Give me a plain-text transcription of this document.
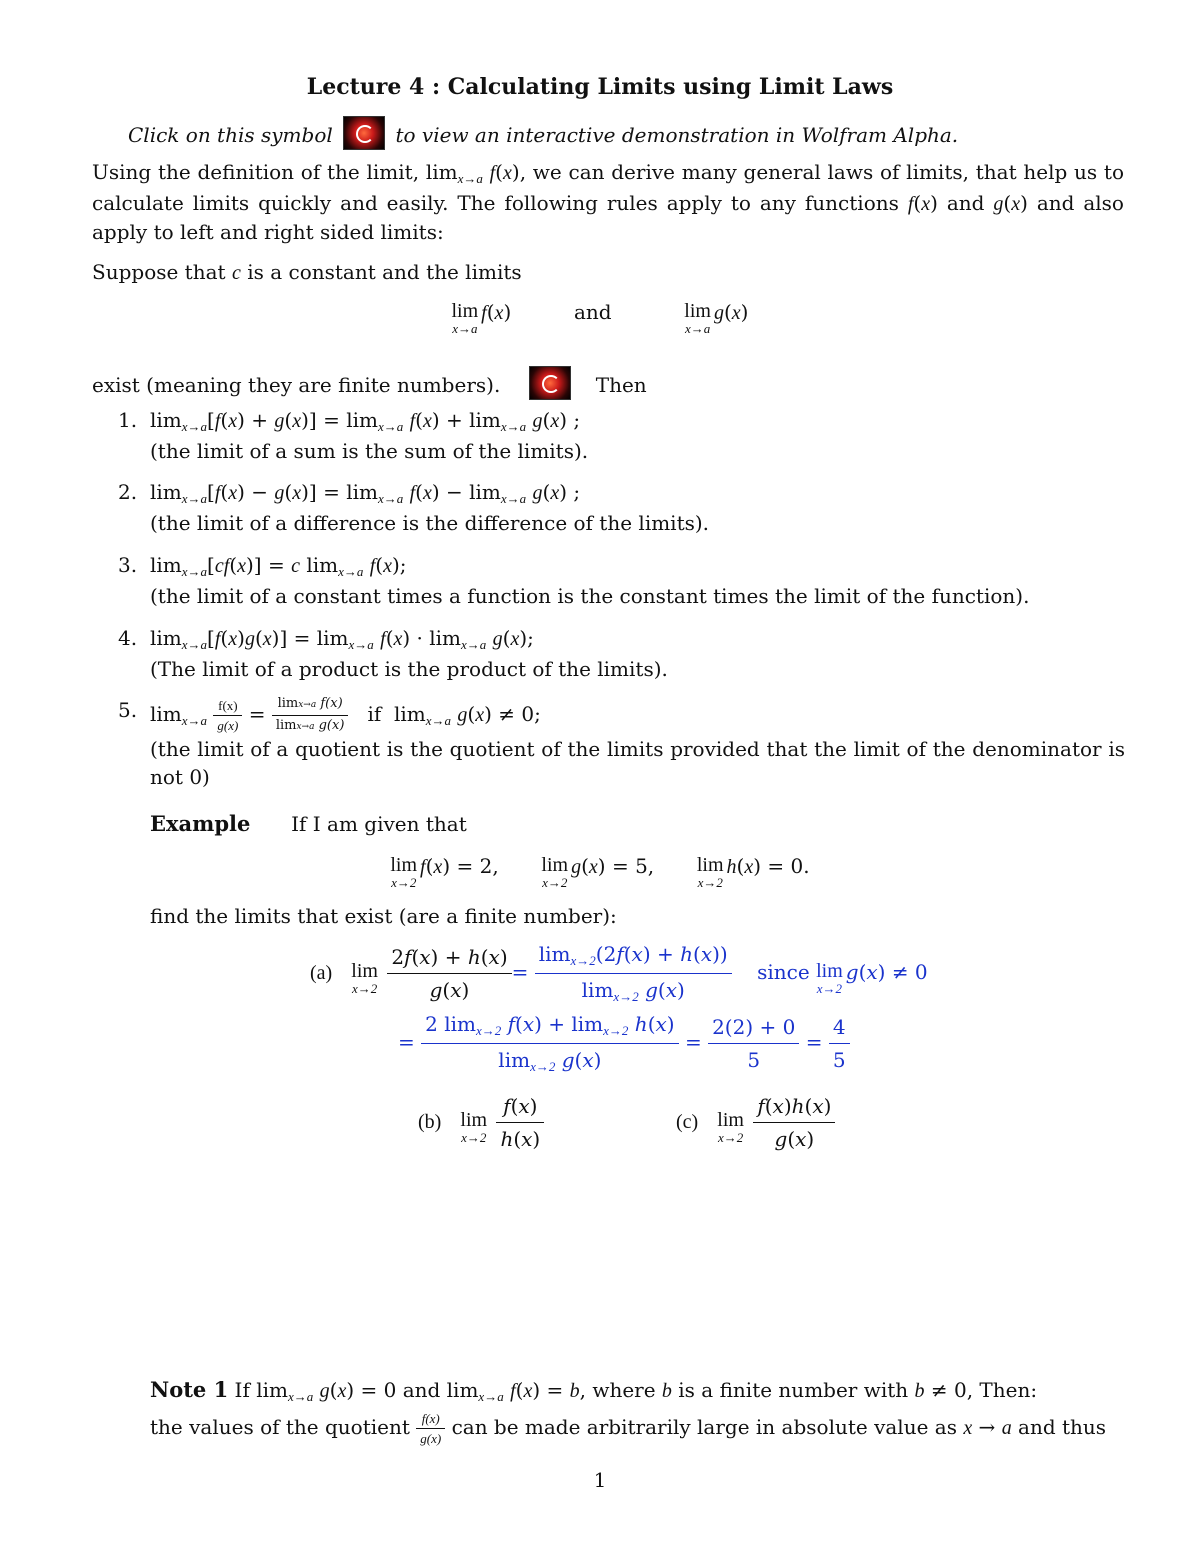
Lecture 4 : Calculating Limits using Limit Laws
Click on this symbol	to view an interactive demonstration in Wolfram Alpha.
Using the definition of the limit, $\lim_{x\to a} f(x)$, we can derive many general laws of limits, that help us to calculate limits quickly and easily. The following rules apply to any functions f(x) and g(x) and also apply to left and right sided limits:
Suppose that c is a constant and the limits
lim
x→a
f(x)	and	lim
x→a
g(x)
exist (meaning they are finite numbers).	Then
1. $\lim_{x\to a}[f(x) + g(x)] = \lim_{x\to a} f(x) + \lim_{x\to a} g(x)$ ;
(the limit of a sum is the sum of the limits).
2. $\lim_{x\to a}[f(x) - g(x)] = \lim_{x\to a} f(x) - \lim_{x\to a} g(x)$ ;
(the limit of a difference is the difference of the limits).
3. $\lim_{x\to a}[cf(x)] = c$ $\lim_{x\to a} f(x)$;
(the limit of a constant times a function is the constant times the limit of the function).
4. $\lim_{x\to a}[f(x)g(x)] = \lim_{x\to a} f(x) \cdot \lim_{x\to a} g(x)$;
(The limit of a product is the product of the limits).
5. $\lim_{x\to a} \frac{f(x)}{g(x)} = \frac{\text{limx→a f(x)}}{\text{limx→a g(x)}}$ if  $\lim_{x\to a} g(x) \ne 0$;
(the limit of a quotient is the quotient of the limits provided that the limit of the denominator is not 0)
Example If I am given that
lim
x→2
f(x) = 2, lim
x→2
g(x) = 5, lim
x→2
h(x) = 0.
find the limits that exist (are a finite number):
(a) lim
x→2
$\frac{2f(x) + h(x)}{g(x)} = \frac{\lim_{x\to 2}(2f(x) + h(x))}{\lim_{x\to 2} g(x)}$ since lim
x→2
g(x) ≠ 0
= $\frac{2 \lim_{x\to 2} f(x) + \lim_{x\to 2} h(x)}{\lim_{x\to 2} g(x)} = \frac{2(2) + 0}{5} = \frac{4}{5}$
(b) lim
x→2
$\frac{f(x)}{h(x)}$	(c) lim
x→2
$\frac{f(x)h(x)}{g(x)}$
Note 1 If $\lim_{x\to a} g(x) = 0$ and $\lim_{x\to a} f(x) = b$, where b is a finite number with b ≠ 0, Then:
the values of the quotient $\frac{f(x)}{g(x)}$ can be made arbitrarily large in absolute value as x → a and thus
1
